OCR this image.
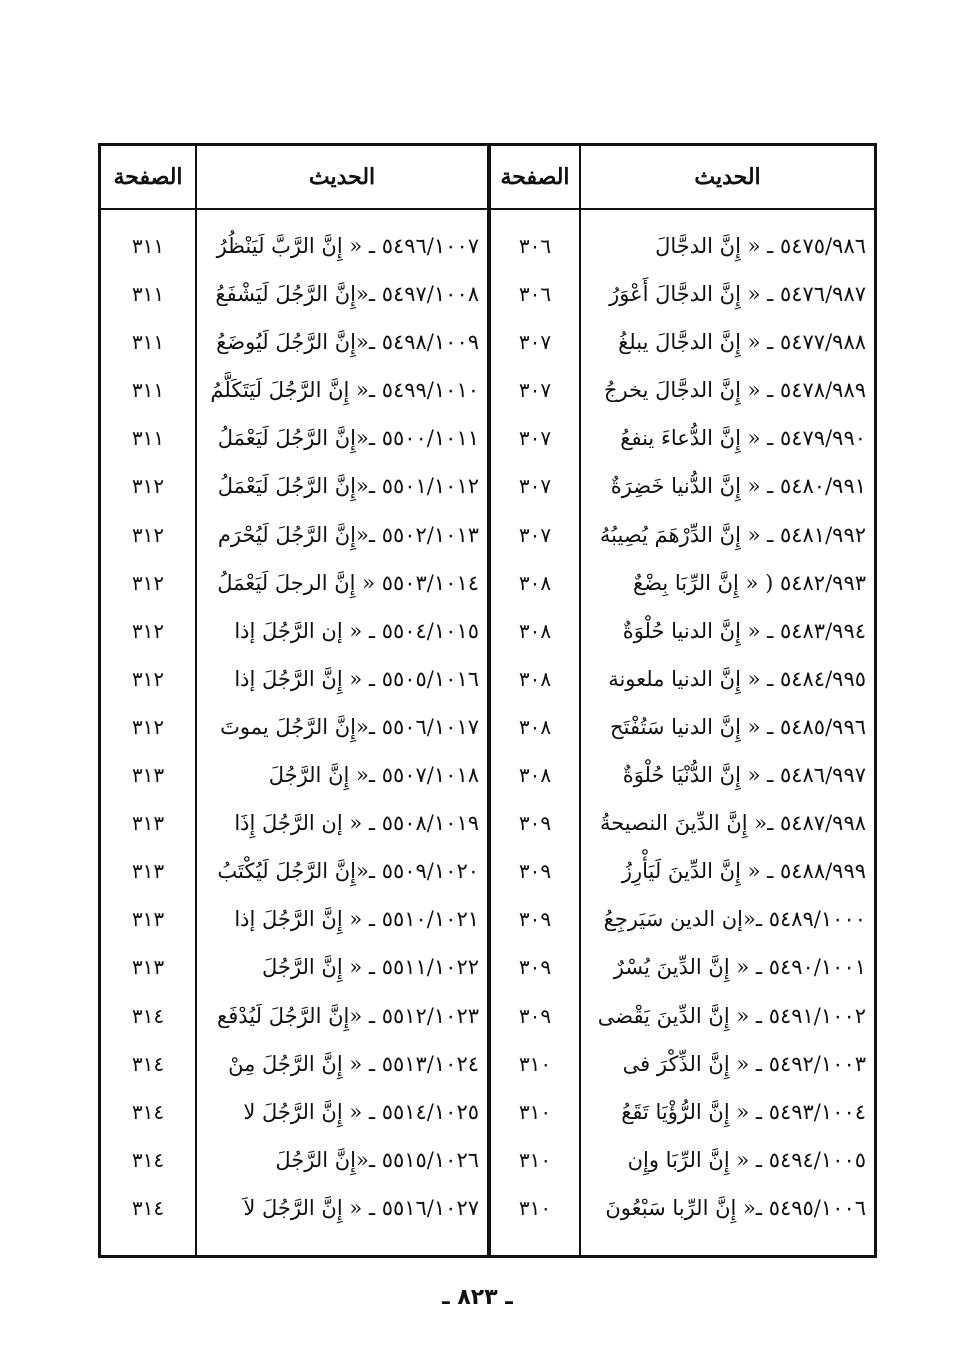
الحديث
الصفحة
الحديث
الصفحة
٥٤٧٥/٩٨٦ ـ « إِنَّ الدجَّالَ
٣٠٦
٥٤٩٦/١٠٠٧ ـ « إِنَّ الرَّبَّ لَيَنْظُرُ
٣١١
٥٤٧٦/٩٨٧ ـ « إِنَّ الدجَّالَ أَعْوَرُ
٣٠٦
٥٤٩٧/١٠٠٨ ـ«إِنَّ الرَّجُلَ لَيَشْفَعُ
٣١١
٥٤٧٧/٩٨٨ ـ « إِنَّ الدجَّالَ يبلغُ
٣٠٧
٥٤٩٨/١٠٠٩ ـ«إِنَّ الرَّجُلَ لَيُوضَعُ
٣١١
٥٤٧٨/٩٨٩ ـ « إِنَّ الدجَّالَ يخرجُ
٣٠٧
٥٤٩٩/١٠١٠ ـ« إِنَّ الرَّجُلَ لَيَتَكَلَّمُ
٣١١
٥٤٧٩/٩٩٠ ـ « إِنَّ الدُّعاءَ ينفعُ
٣٠٧
٥٥٠٠/١٠١١ ـ«إِنَّ الرَّجُلَ لَيَعْمَلُ
٣١١
٥٤٨٠/٩٩١ ـ « إِنَّ الدُّنيا خَضِرَةٌ
٣٠٧
٥٥٠١/١٠١٢ ـ«إِنَّ الرَّجُلَ لَيَعْمَلُ
٣١٢
٥٤٨١/٩٩٢ ـ « إِنَّ الدِّرْهَمَ يُصِيبُهُ
٣٠٧
٥٥٠٢/١٠١٣ ـ«إِنَّ الرَّجُلَ لَيُحْرَم
٣١٢
٥٤٨٢/٩٩٣ ( « إِنَّ الرِّبَا بِضْعٌ
٣٠٨
٥٥٠٣/١٠١٤ « إِنَّ الرجلَ لَيَعْمَلُ
٣١٢
٥٤٨٣/٩٩٤ ـ « إِنَّ الدنيا حُلْوَةٌ
٣٠٨
٥٥٠٤/١٠١٥ ـ « إن الرَّجُلَ إذا
٣١٢
٥٤٨٤/٩٩٥ ـ « إِنَّ الدنيا ملعونة
٣٠٨
٥٥٠٥/١٠١٦ ـ « إِنَّ الرَّجُلَ إذا
٣١٢
٥٤٨٥/٩٩٦ ـ « إِنَّ الدنيا سَتُفْتَح
٣٠٨
٥٥٠٦/١٠١٧ ـ«إِنَّ الرَّجُلَ يموتَ
٣١٢
٥٤٨٦/٩٩٧ ـ « إِنَّ الدُّنْيَا حُلْوَةٌ
٣٠٨
٥٥٠٧/١٠١٨ ـ« إِنَّ الرَّجُلَ
٣١٣
٥٤٨٧/٩٩٨ ـ« إِنَّ الدِّينَ النصيحةُ
٣٠٩
٥٥٠٨/١٠١٩ ـ « إن الرَّجُلَ إِذَا
٣١٣
٥٤٨٨/٩٩٩ ـ « إِنَّ الدِّينَ لَيَأْرِزُ
٣٠٩
٥٥٠٩/١٠٢٠ ـ«إِنَّ الرَّجُلَ لَيُكْتَبُ
٣١٣
٥٤٨٩/١٠٠٠ ـ«إن الدين سَيَرجِعُ
٣٠٩
٥٥١٠/١٠٢١ ـ « إِنَّ الرَّجُلَ إذا
٣١٣
٥٤٩٠/١٠٠١ ـ « إِنَّ الدِّينَ يُسْرٌ
٣٠٩
٥٥١١/١٠٢٢ ـ « إِنَّ الرَّجُلَ
٣١٣
٥٤٩١/١٠٠٢ ـ « إِنَّ الدِّينَ يَقْضى
٣٠٩
٥٥١٢/١٠٢٣ ـ «إِنَّ الرَّجُلَ لَيُدْفَع
٣١٤
٥٤٩٢/١٠٠٣ ـ « إِنَّ الذِّكْرَ فى
٣١٠
٥٥١٣/١٠٢٤ ـ « إِنَّ الرَّجُلَ مِنْ
٣١٤
٥٤٩٣/١٠٠٤ ـ « إِنَّ الرُّؤْيَا تَقَعُ
٣١٠
٥٥١٤/١٠٢٥ ـ « إِنَّ الرَّجُلَ لا
٣١٤
٥٤٩٤/١٠٠٥ ـ « إِنَّ الرِّبَا وإِن
٣١٠
٥٥١٥/١٠٢٦ ـ«إِنَّ الرَّجُلَ
٣١٤
٥٤٩٥/١٠٠٦ ـ« إِنَّ الرِّبا سَبْعُونَ
٣١٠
٥٥١٦/١٠٢٧ ـ « إِنَّ الرَّجُلَ لاَ
٣١٤
ـ ٨٢٣ ـ
